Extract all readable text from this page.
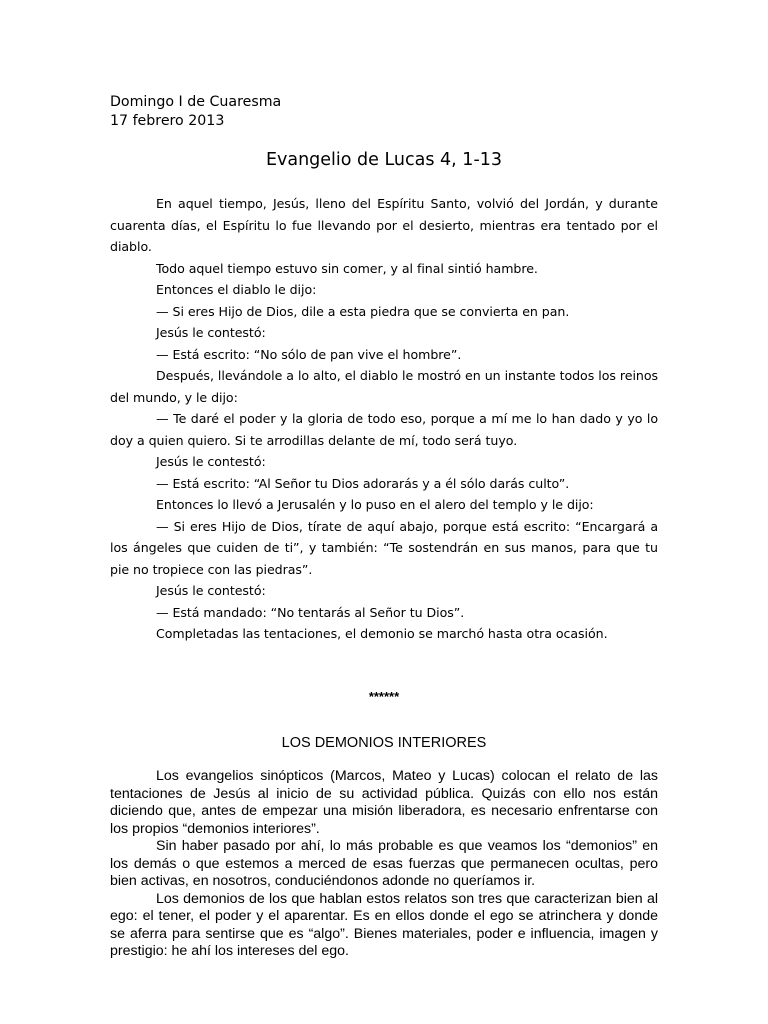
Domingo I de Cuaresma
17 febrero 2013
Evangelio de Lucas 4, 1-13

En aquel tiempo, Jesús, lleno del Espíritu Santo, volvió del Jordán, y durante cuarenta días, el Espíritu lo fue llevando por el desierto, mientras era tentado por el diablo.

Todo aquel tiempo estuvo sin comer, y al final sintió hambre.

Entonces el diablo le dijo:

— Si eres Hijo de Dios, dile a esta piedra que se convierta en pan.

Jesús le contestó:

— Está escrito: “No sólo de pan vive el hombre”.

Después, llevándole a lo alto, el diablo le mostró en un instante todos los reinos del mundo, y le dijo:

— Te daré el poder y la gloria de todo eso, porque a mí me lo han dado y yo lo doy a quien quiero. Si te arrodillas delante de mí, todo será tuyo.

Jesús le contestó:

— Está escrito: “Al Señor tu Dios adorarás y a él sólo darás culto”.

Entonces lo llevó a Jerusalén y lo puso en el alero del templo y le dijo:

— Si eres Hijo de Dios, tírate de aquí abajo, porque está escrito: “Encargará a los ángeles que cuiden de ti”, y también: “Te sostendrán en sus manos, para que tu pie no tropiece con las piedras”.

Jesús le contestó:

— Está mandado: “No tentarás al Señor tu Dios”.

Completadas las tentaciones, el demonio se marchó hasta otra ocasión.

******
LOS DEMONIOS INTERIORES

Los evangelios sinópticos (Marcos, Mateo y Lucas) colocan el relato de las tentaciones de Jesús al inicio de su actividad pública. Quizás con ello nos están diciendo que, antes de empezar una misión liberadora, es necesario enfrentarse con los propios “demonios interiores”.

Sin haber pasado por ahí, lo más probable es que veamos los “demonios” en los demás o que estemos a merced de esas fuerzas que permanecen ocultas, pero bien activas, en nosotros, conduciéndonos adonde no queríamos ir.

Los demonios de los que hablan estos relatos son tres que caracterizan bien al ego: el tener, el poder y el aparentar. Es en ellos donde el ego se atrinchera y donde se aferra para sentirse que es “algo”. Bienes materiales, poder e influencia, imagen y prestigio: he ahí los intereses del ego.
